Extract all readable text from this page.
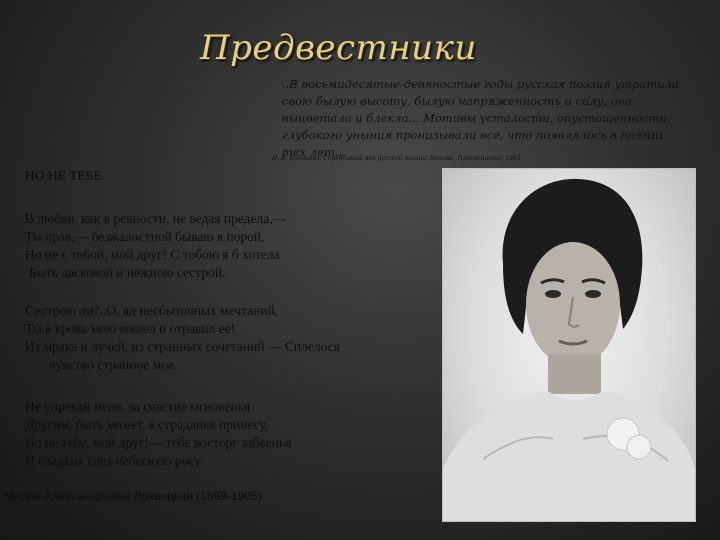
Предвестники
..В восьмидесятые-девяностые годы русская поэзия утратила
свою былую высоту, былую напряженность и силу, она
выцветала и блекла... Мотивы усталости, опустошенности,
глубокого уныния пронизывали все, что появлялось в поэзии
тех лет...
Н. В. Баннкова. Серебряный век русской поэзии. Москва, Просвещение, 1993.
НО НЕ ТЕБЕ
В любви, как в ревности, не ведая предела,—
Ты прав,— безжалостной бываю я порой,
Но не с тобой, мой друг! С тобою я б хотела
Быть ласковой и нежною сестрой.
Сестрою ли?..О, яд несбыточных мечтаний,
Ты в кровь мою вошел и отравил ее!
Из мрака и лучей, из странных сочетаний — Сплелося
чувство странное мое.
Не упрекай меня, за счастие мгновенья
Другим, быть может, я страданья принесу,
Но не тебе, мой друг!— тебе восторг забвенья
И сладких слез небесную росу.
Мирра Александровна Лохвицкая (1869-1905)
